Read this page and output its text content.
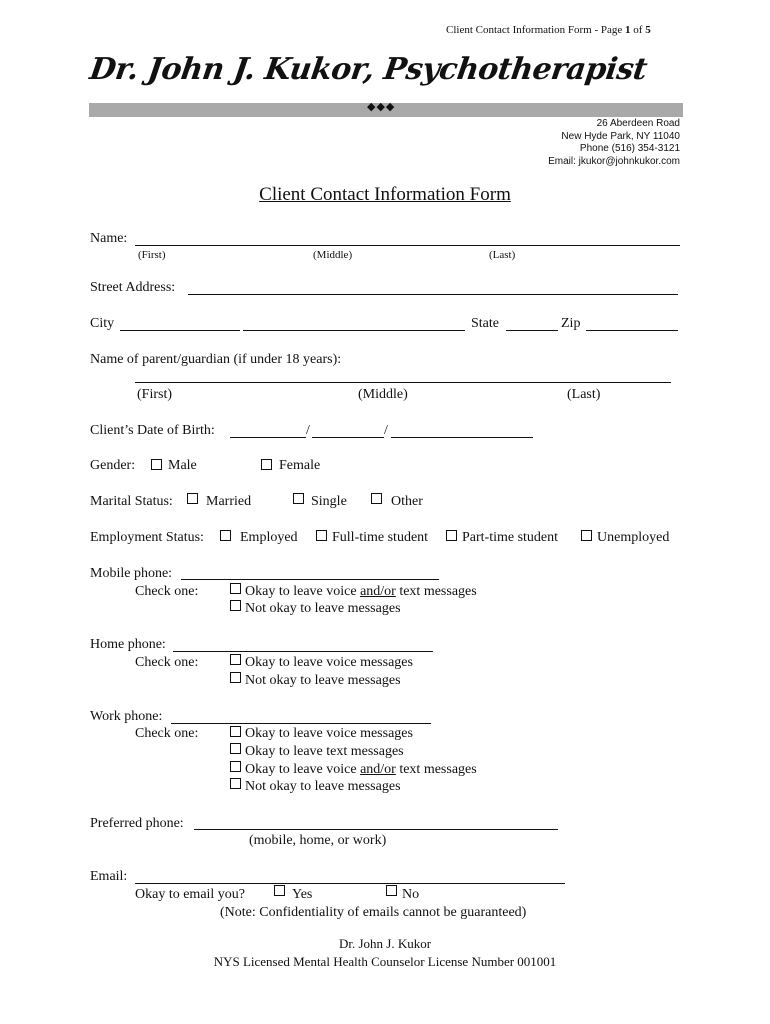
Client Contact Information Form - Page 1 of 5
Dr. John J. Kukor, Psychotherapist
◆◆◆
26 Aberdeen Road
New Hyde Park, NY 11040
Phone (516) 354-3121
Email: jkukor@johnkukor.com
Client Contact Information Form
Name:
(First)	(Middle)	(Last)
Street Address:
City	State	Zip
Name of parent/guardian (if under 18 years):
(First)	(Middle)	(Last)
Client’s Date of Birth:	/	/
Gender: Male	Female
Marital Status: Married	Single	Other
Employment Status:	Employed Full-time student Part-time student	Unemployed
Mobile phone:
Check one:	Okay to leave voice and/or text messages
Not okay to leave messages
Home phone:
Check one:	Okay to leave voice messages
Not okay to leave messages
Work phone:
Check one:	Okay to leave voice messages
Okay to leave text messages
Okay to leave voice and/or text messages
Not okay to leave messages
Preferred phone:
(mobile, home, or work)
Email:
Okay to email you?	Yes	No
(Note: Confidentiality of emails cannot be guaranteed)
Dr. John J. Kukor
NYS Licensed Mental Health Counselor License Number 001001
